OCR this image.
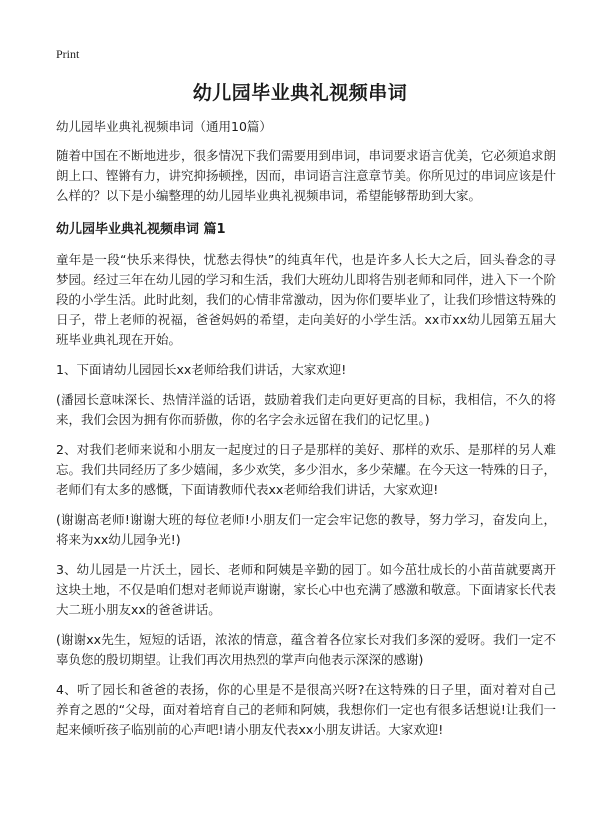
Print
幼儿园毕业典礼视频串词
幼儿园毕业典礼视频串词（通用10篇）

随着中国在不断地进步，很多情况下我们需要用到串词，串词要求语言优美，它必须追求朗朗上口、铿锵有力，讲究抑扬顿挫，因而，串词语言注意章节美。你所见过的串词应该是什么样的？以下是小编整理的幼儿园毕业典礼视频串词，希望能够帮助到大家。

幼儿园毕业典礼视频串词 篇1

童年是一段“快乐来得快，忧愁去得快”的纯真年代，也是许多人长大之后，回头眷念的寻梦园。经过三年在幼儿园的学习和生活，我们大班幼儿即将告别老师和同伴，进入下一个阶段的小学生活。此时此刻，我们的心情非常激动，因为你们要毕业了，让我们珍惜这特殊的日子，带上老师的祝福，爸爸妈妈的希望，走向美好的小学生活。xx市xx幼儿园第五届大班毕业典礼现在开始。

1、下面请幼儿园园长xx老师给我们讲话，大家欢迎!

(潘园长意味深长、热情洋溢的话语，鼓励着我们走向更好更高的目标，我相信，不久的将来，我们会因为拥有你而骄傲，你的名字会永远留在我们的记忆里。)

2、对我们老师来说和小朋友一起度过的日子是那样的美好、那样的欢乐、是那样的另人难忘。我们共同经历了多少嬉闹，多少欢笑，多少泪水，多少荣耀。在今天这一特殊的日子，老师们有太多的感慨，下面请教师代表xx老师给我们讲话，大家欢迎!

(谢谢高老师!谢谢大班的每位老师!小朋友们一定会牢记您的教导，努力学习，奋发向上，将来为xx幼儿园争光!)

3、幼儿园是一片沃土，园长、老师和阿姨是辛勤的园丁。如今茁壮成长的小苗苗就要离开这块土地，不仅是咱们想对老师说声谢谢，家长心中也充满了感激和敬意。下面请家长代表大二班小朋友xx的爸爸讲话。

(谢谢xx先生，短短的话语，浓浓的情意，蕴含着各位家长对我们多深的爱呀。我们一定不辜负您的殷切期望。让我们再次用热烈的掌声向他表示深深的感谢)

4、听了园长和爸爸的表扬，你的心里是不是很高兴呀?在这特殊的日子里，面对着对自己养育之恩的“父母，面对着培育自己的老师和阿姨，我想你们一定也有很多话想说!让我们一起来倾听孩子临别前的心声吧!请小朋友代表xx小朋友讲话。大家欢迎!
